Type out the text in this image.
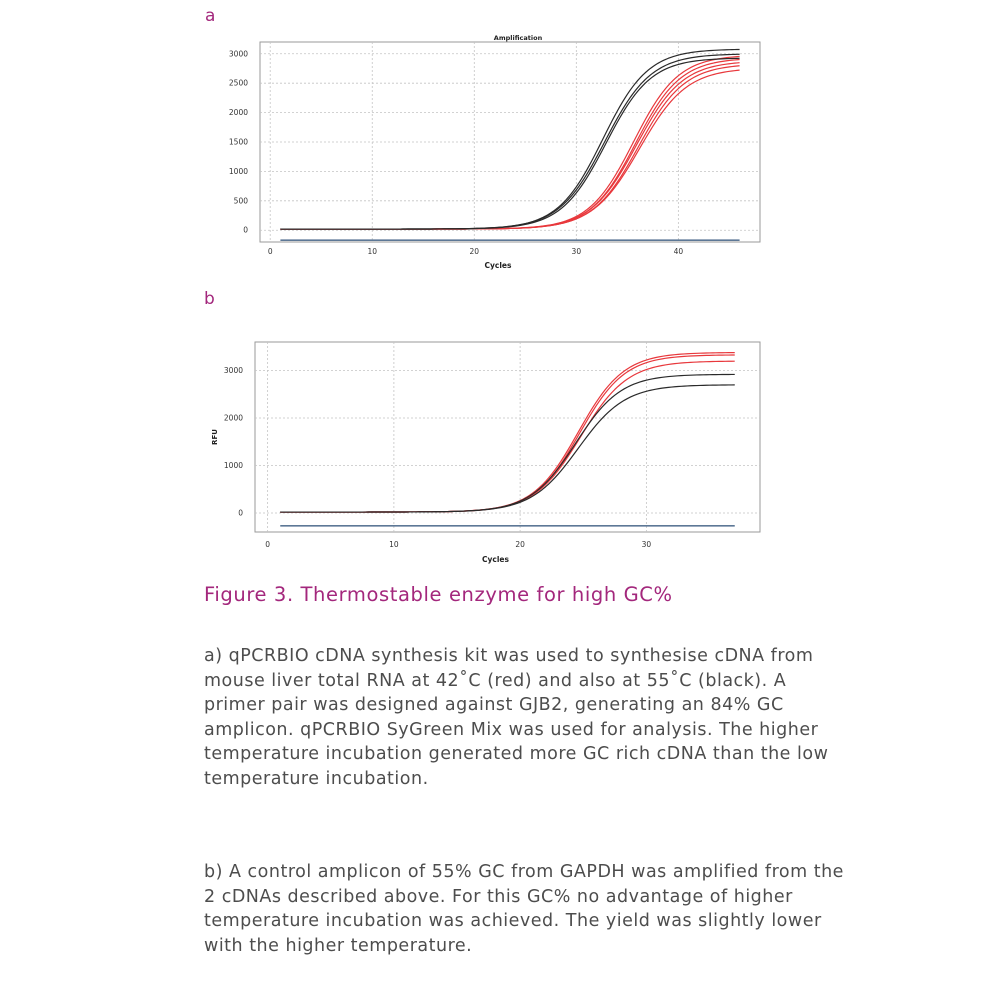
a
0	10	20	30	40
0
500
1000
1500
2000
2500
3000
Amplification
Cycles
b
0	10	20	30
0
1000
2000
3000
Cycles
RFU

Figure 3. Thermostable enzyme for high GC%

a) qPCRBIO cDNA synthesis kit was used to synthesise cDNA from mouse liver total RNA at 42˚C (red) and also at 55˚C (black). A primer pair was designed against GJB2, generating an 84% GC amplicon. qPCRBIO SyGreen Mix was used for analysis. The higher temperature incubation generated more GC rich cDNA than the low temperature incubation.

b) A control amplicon of 55% GC from GAPDH was amplified from the 2 cDNAs described above. For this GC% no advantage of higher temperature incubation was achieved. The yield was slightly lower with the higher temperature.
